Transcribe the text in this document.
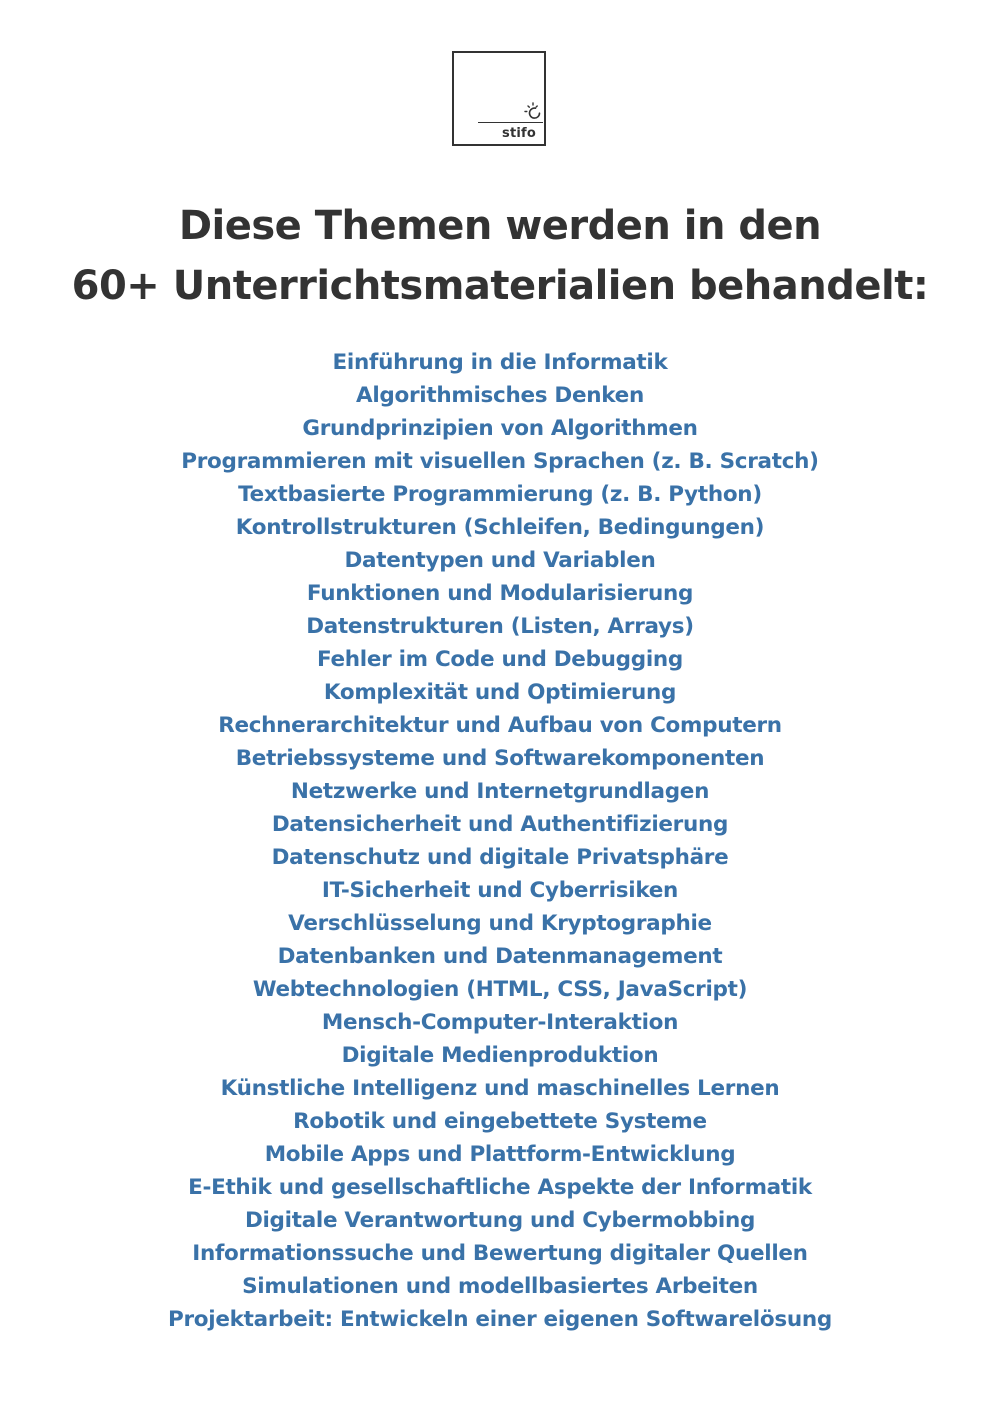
stifo
Diese Themen werden in den
60+ Unterrichtsmaterialien behandelt:
Einführung in die Informatik
Algorithmisches Denken
Grundprinzipien von Algorithmen
Programmieren mit visuellen Sprachen (z. B. Scratch)
Textbasierte Programmierung (z. B. Python)
Kontrollstrukturen (Schleifen, Bedingungen)
Datentypen und Variablen
Funktionen und Modularisierung
Datenstrukturen (Listen, Arrays)
Fehler im Code und Debugging
Komplexität und Optimierung
Rechnerarchitektur und Aufbau von Computern
Betriebssysteme und Softwarekomponenten
Netzwerke und Internetgrundlagen
Datensicherheit und Authentifizierung
Datenschutz und digitale Privatsphäre
IT-Sicherheit und Cyberrisiken
Verschlüsselung und Kryptographie
Datenbanken und Datenmanagement
Webtechnologien (HTML, CSS, JavaScript)
Mensch-Computer-Interaktion
Digitale Medienproduktion
Künstliche Intelligenz und maschinelles Lernen
Robotik und eingebettete Systeme
Mobile Apps und Plattform-Entwicklung
E-Ethik und gesellschaftliche Aspekte der Informatik
Digitale Verantwortung und Cybermobbing
Informationssuche und Bewertung digitaler Quellen
Simulationen und modellbasiertes Arbeiten
Projektarbeit: Entwickeln einer eigenen Softwarelösung
